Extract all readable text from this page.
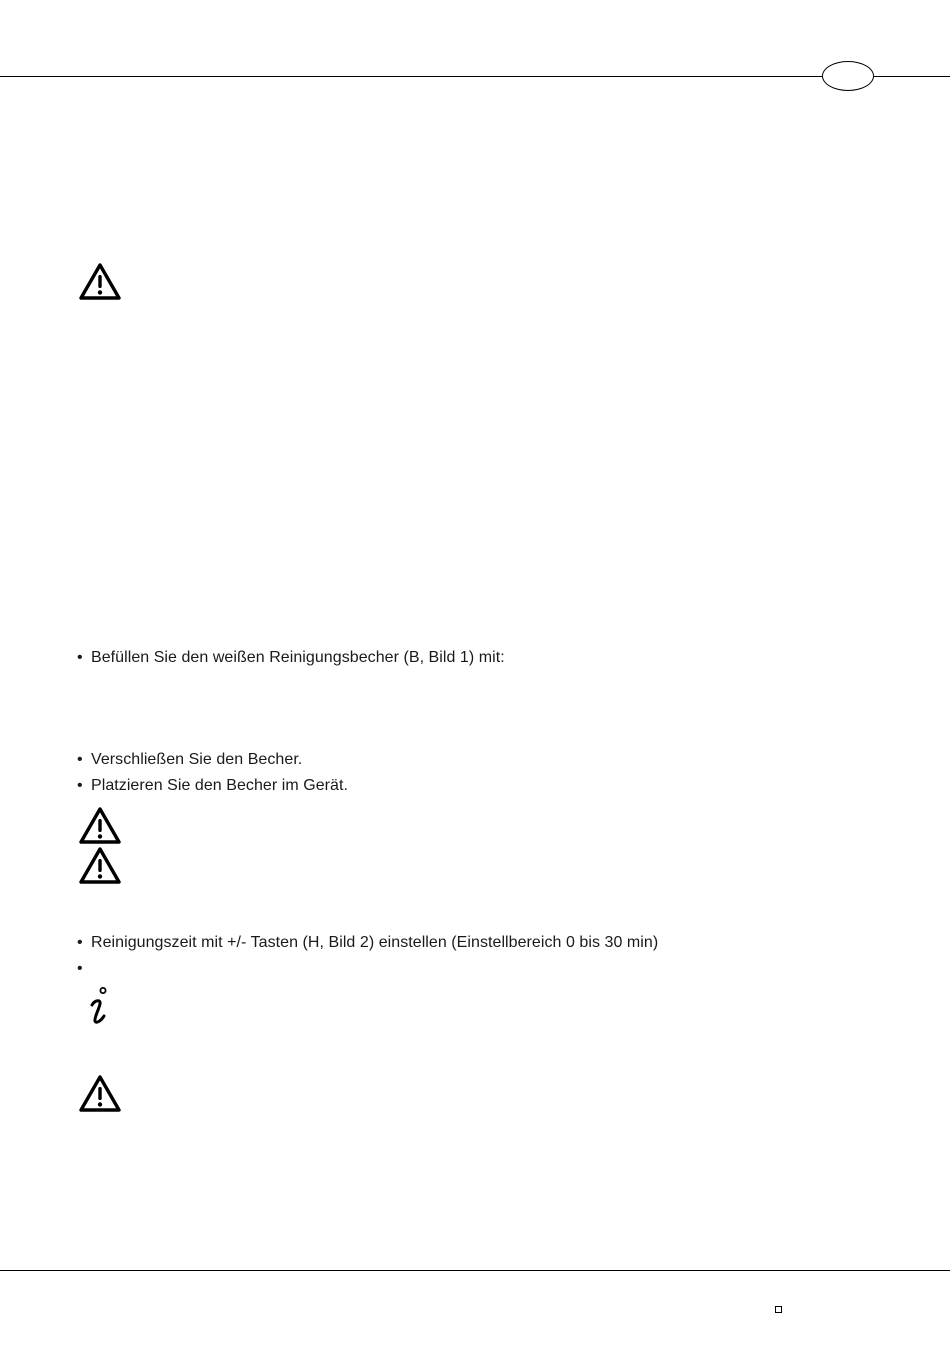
• Befüllen Sie den weißen Reinigungsbecher (B, Bild 1) mit:
• Verschließen Sie den Becher.
• Platzieren Sie den Becher im Gerät.
• Reinigungszeit mit +/- Tasten (H, Bild 2) einstellen (Einstellbereich 0 bis 30 min)
•
